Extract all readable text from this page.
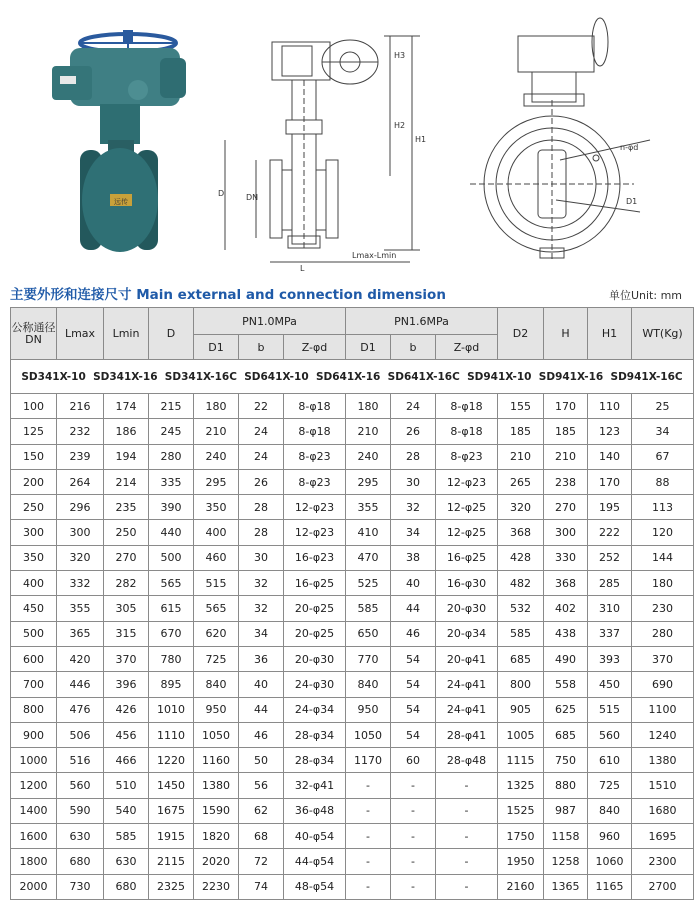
远传
H3
H2
H1
D	DN
L
Lmax-Lmin
n-φd
D1
主要外形和连接尺寸 Main external and connection dimension	单位Unit: mm
公称通径DN	Lmax	Lmin	D	PN1.0MPa			PN1.6MPa			D2	H	H1	WT(Kg)
				D1	b	Z-φd	D1	b	Z-φd				
SD341X-10  SD341X-16  SD341X-16C  SD641X-10  SD641X-16  SD641X-16C  SD941X-10  SD941X-16  SD941X-16C													
100	216	174	215	180	22	8-φ18	180	24	8-φ18	155	170	110	25
125	232	186	245	210	24	8-φ18	210	26	8-φ18	185	185	123	34
150	239	194	280	240	24	8-φ23	240	28	8-φ23	210	210	140	67
200	264	214	335	295	26	8-φ23	295	30	12-φ23	265	238	170	88
250	296	235	390	350	28	12-φ23	355	32	12-φ25	320	270	195	113
300	300	250	440	400	28	12-φ23	410	34	12-φ25	368	300	222	120
350	320	270	500	460	30	16-φ23	470	38	16-φ25	428	330	252	144
400	332	282	565	515	32	16-φ25	525	40	16-φ30	482	368	285	180
450	355	305	615	565	32	20-φ25	585	44	20-φ30	532	402	310	230
500	365	315	670	620	34	20-φ25	650	46	20-φ34	585	438	337	280
600	420	370	780	725	36	20-φ30	770	54	20-φ41	685	490	393	370
700	446	396	895	840	40	24-φ30	840	54	24-φ41	800	558	450	690
800	476	426	1010	950	44	24-φ34	950	54	24-φ41	905	625	515	1100
900	506	456	1110	1050	46	28-φ34	1050	54	28-φ41	1005	685	560	1240
1000	516	466	1220	1160	50	28-φ34	1170	60	28-φ48	1115	750	610	1380
1200	560	510	1450	1380	56	32-φ41	-	-	-	1325	880	725	1510
1400	590	540	1675	1590	62	36-φ48	-	-	-	1525	987	840	1680
1600	630	585	1915	1820	68	40-φ54	-	-	-	1750	1158	960	1695
1800	680	630	2115	2020	72	44-φ54	-	-	-	1950	1258	1060	2300
2000	730	680	2325	2230	74	48-φ54	-	-	-	2160	1365	1165	2700
